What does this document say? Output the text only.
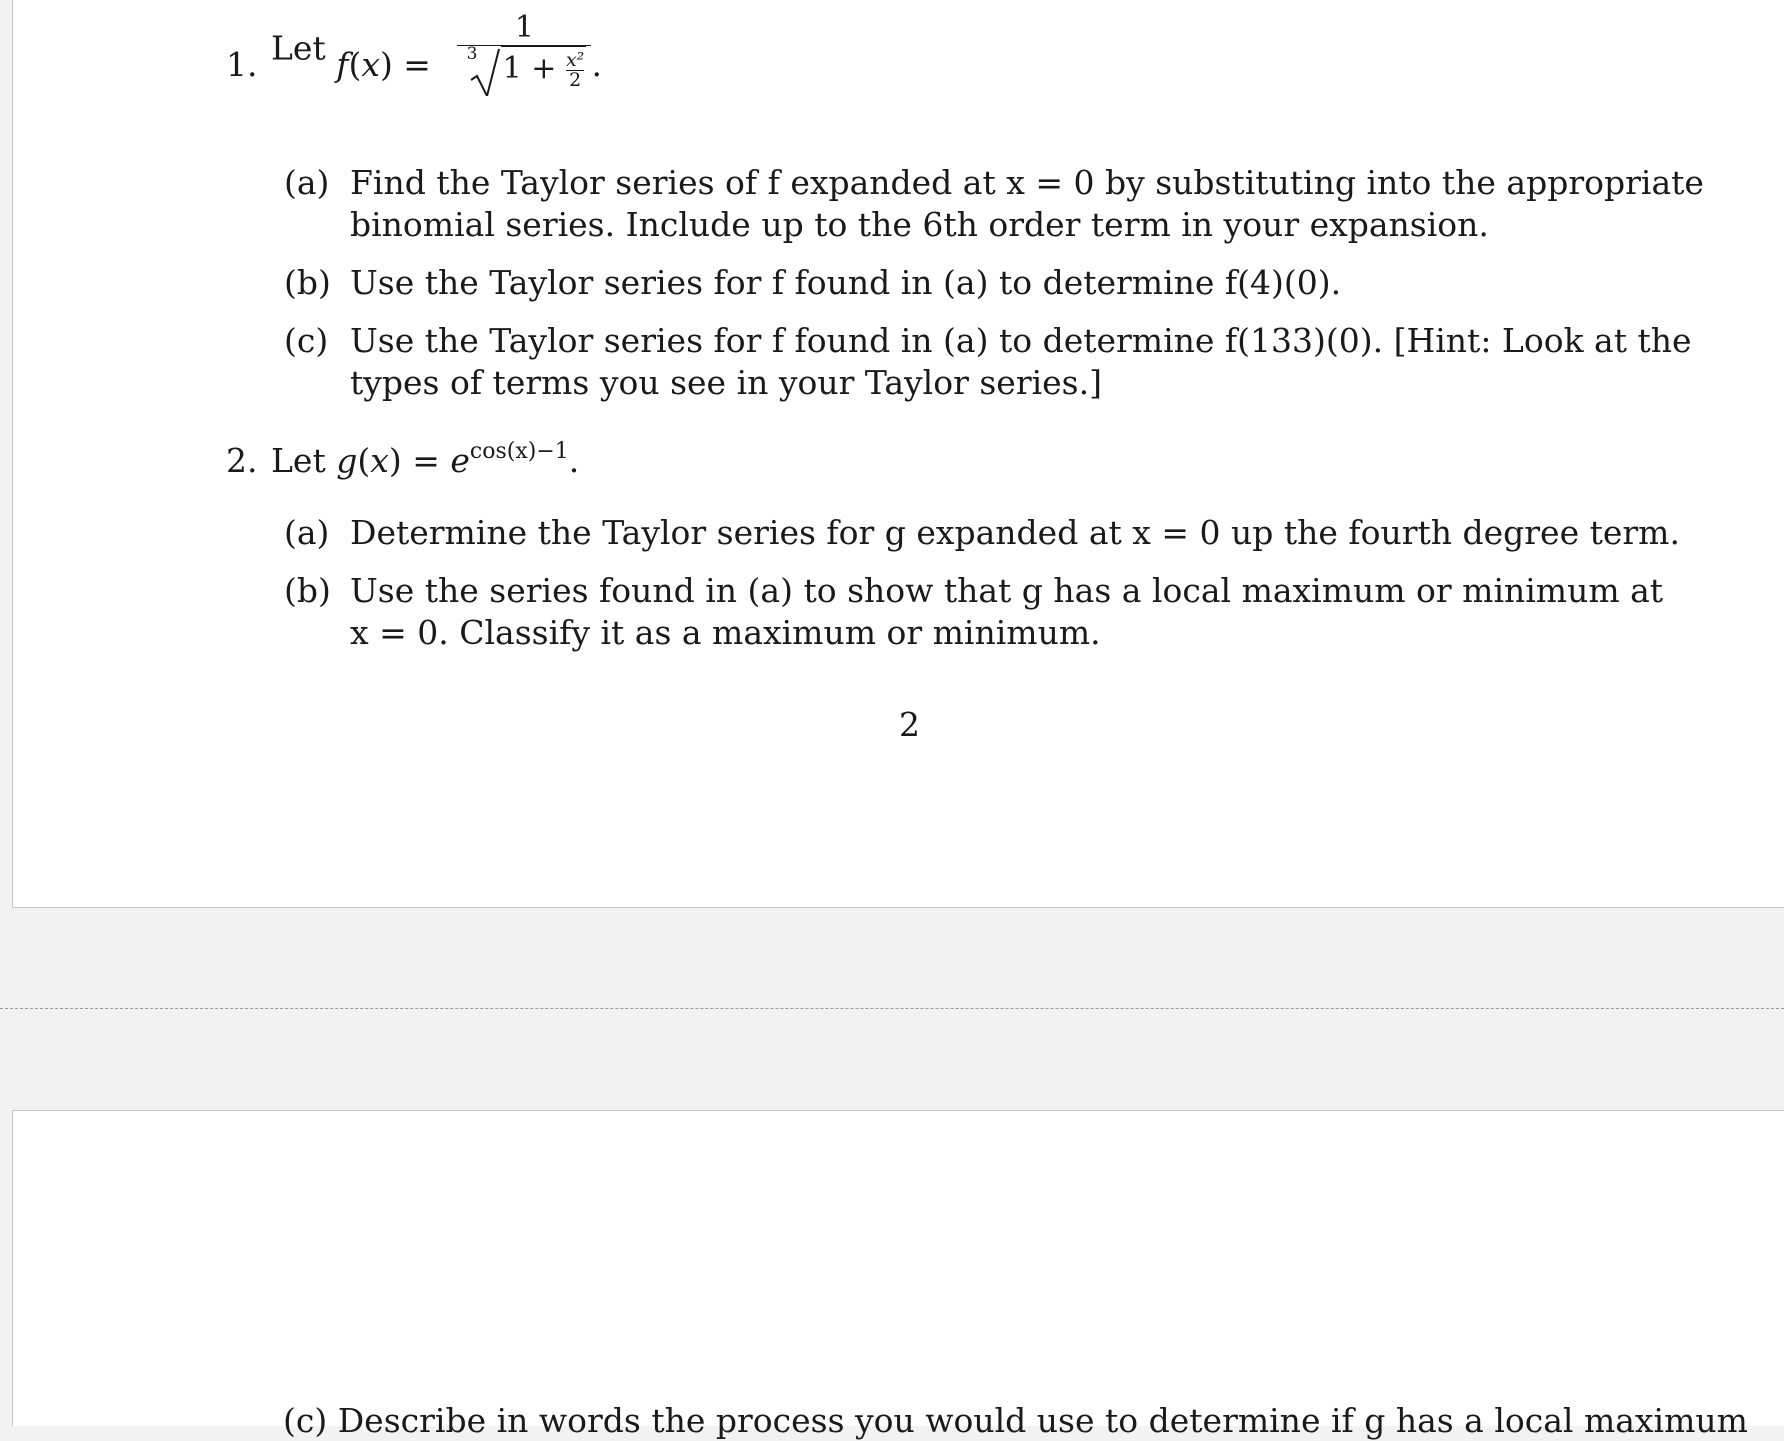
1. Let f(x) =
1
3 $1 + \frac{\text{x²}}{2}$ .
(a) Find the Taylor series of f expanded at x = 0 by substituting into the appropriate
binomial series. Include up to the 6th order term in your expansion.
(b) Use the Taylor series for f found in (a) to determine f(4)(0).
(c) Use the Taylor series for f found in (a) to determine f(133)(0). [Hint: Look at the
types of terms you see in your Taylor series.]
2. Let $g(x) = e^{cos(x)-1}$.
(a) Determine the Taylor series for g expanded at x = 0 up the fourth degree term.
(b) Use the series found in (a) to show that g has a local maximum or minimum at
x = 0. Classify it as a maximum or minimum.
2
(c) Describe in words the process you would use to determine if g has a local maximum
